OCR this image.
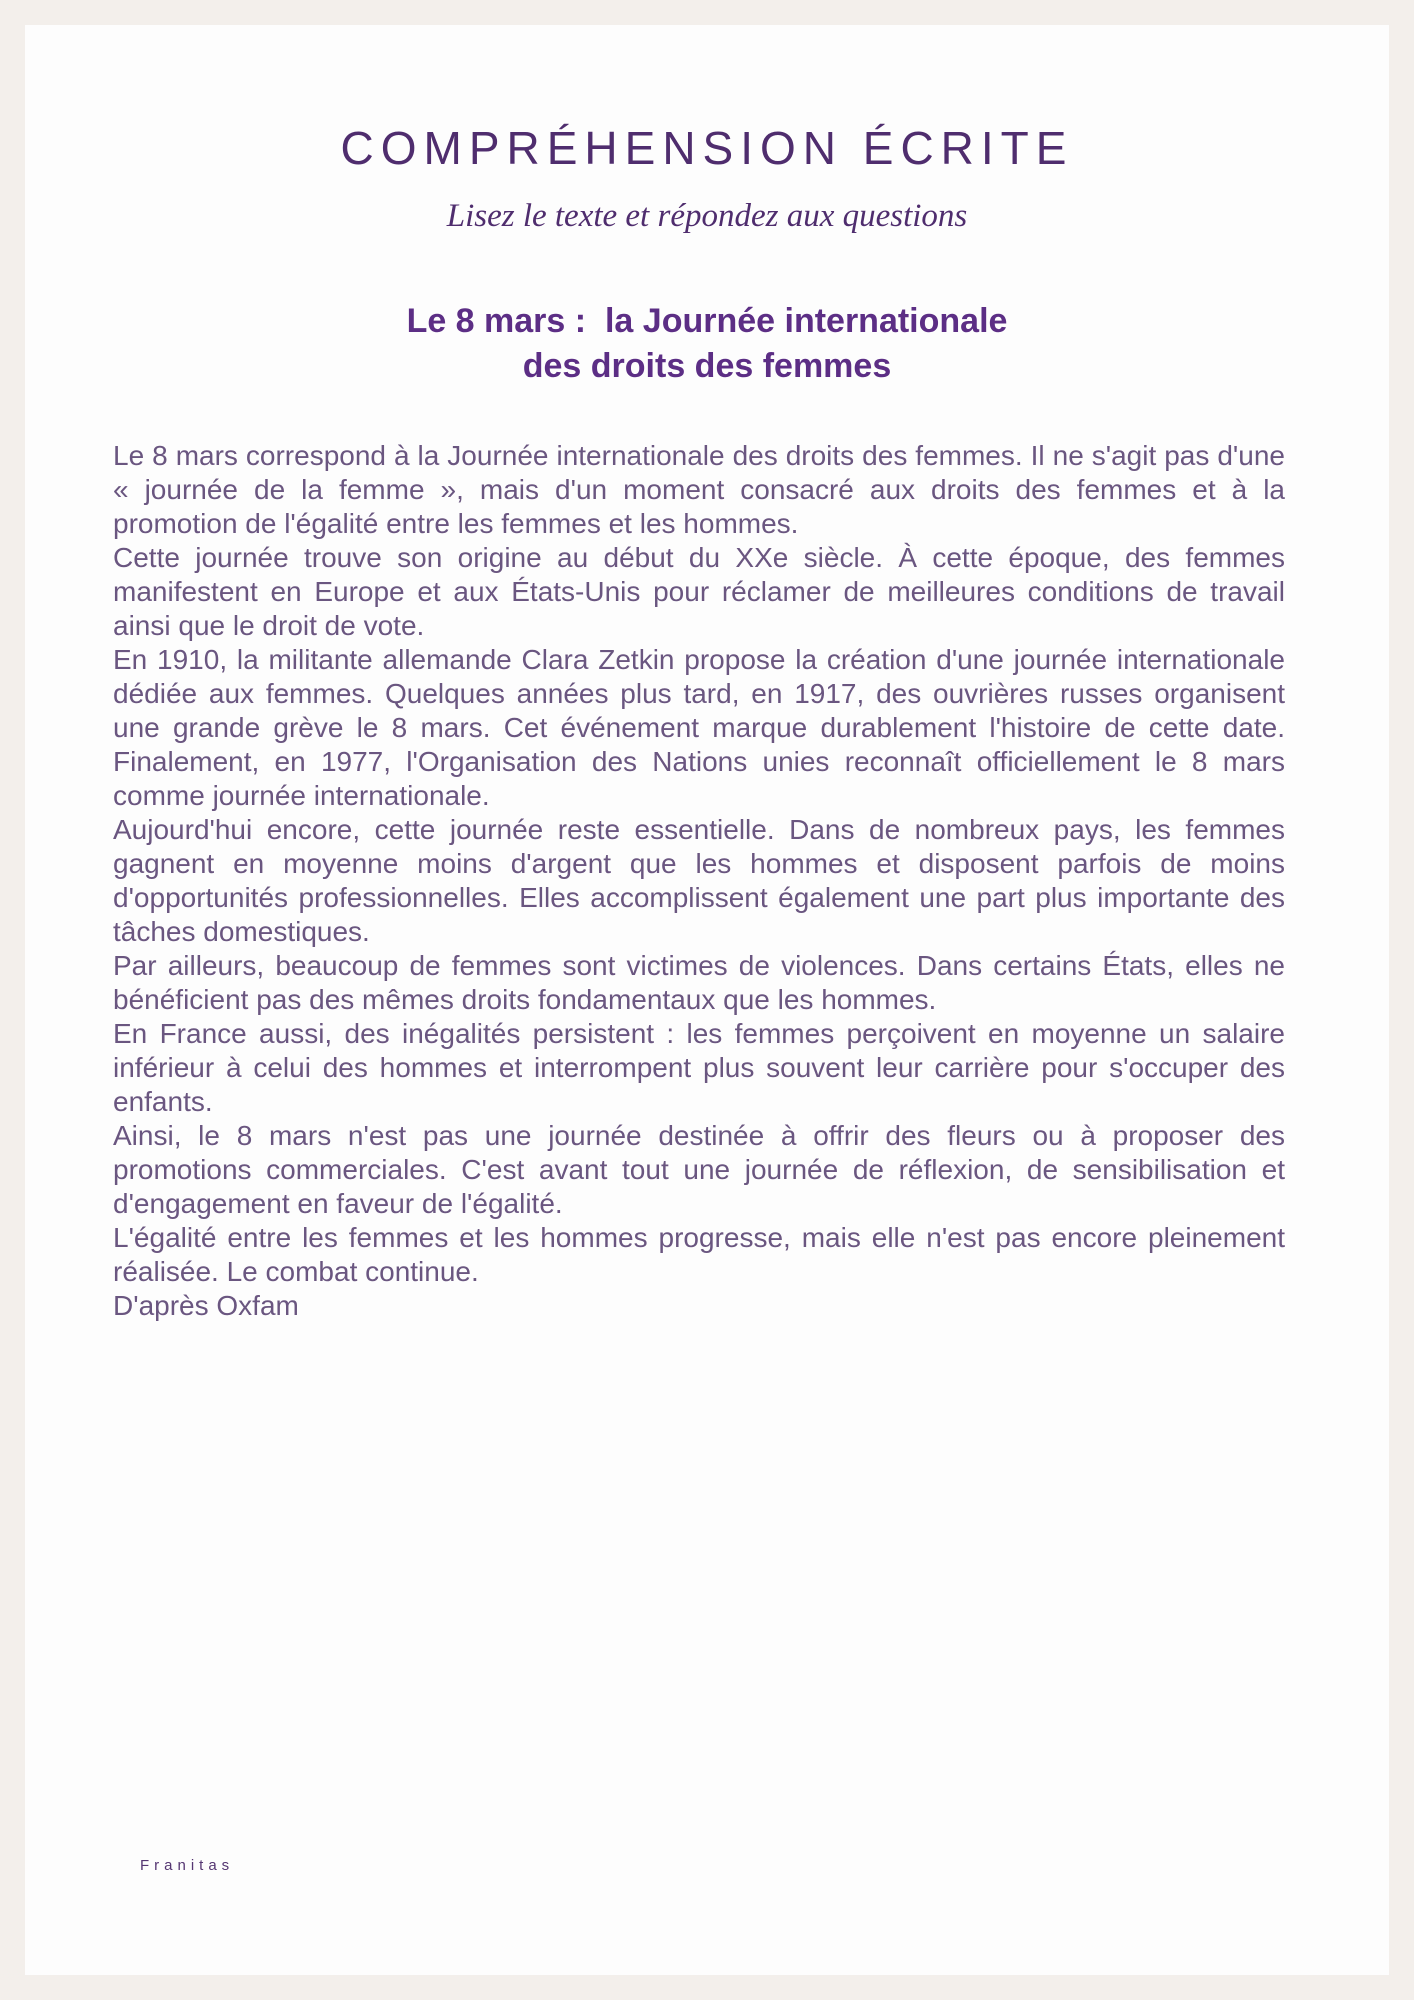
COMPRÉHENSION ÉCRITE

Lisez le texte et répondez aux questions

Le 8 mars :  la Journée internationale
des droits des femmes

Le 8 mars correspond à la Journée internationale des droits des femmes. Il ne s'agit pas d'une « journée de la femme », mais d'un moment consacré aux droits des femmes et à la promotion de l'égalité entre les femmes et les hommes.

Cette journée trouve son origine au début du XXe siècle. À cette époque, des femmes manifestent en Europe et aux États-Unis pour réclamer de meilleures conditions de travail ainsi que le droit de vote.

En 1910, la militante allemande Clara Zetkin propose la création d'une journée internationale dédiée aux femmes. Quelques années plus tard, en 1917, des ouvrières russes organisent une grande grève le 8 mars. Cet événement marque durablement l'histoire de cette date. Finalement, en 1977, l'Organisation des Nations unies reconnaît officiellement le 8 mars comme journée internationale.

Aujourd'hui encore, cette journée reste essentielle. Dans de nombreux pays, les femmes gagnent en moyenne moins d'argent que les hommes et disposent parfois de moins d'opportunités professionnelles. Elles accomplissent également une part plus importante des tâches domestiques.

Par ailleurs, beaucoup de femmes sont victimes de violences. Dans certains États, elles ne bénéficient pas des mêmes droits fondamentaux que les hommes.

En France aussi, des inégalités persistent : les femmes perçoivent en moyenne un salaire inférieur à celui des hommes et interrompent plus souvent leur carrière pour s'occuper des enfants.

Ainsi, le 8 mars n'est pas une journée destinée à offrir des fleurs ou à proposer des promotions commerciales. C'est avant tout une journée de réflexion, de sensibilisation et d'engagement en faveur de l'égalité.

L'égalité entre les femmes et les hommes progresse, mais elle n'est pas encore pleinement réalisée. Le combat continue.

D'après Oxfam

Franitas
